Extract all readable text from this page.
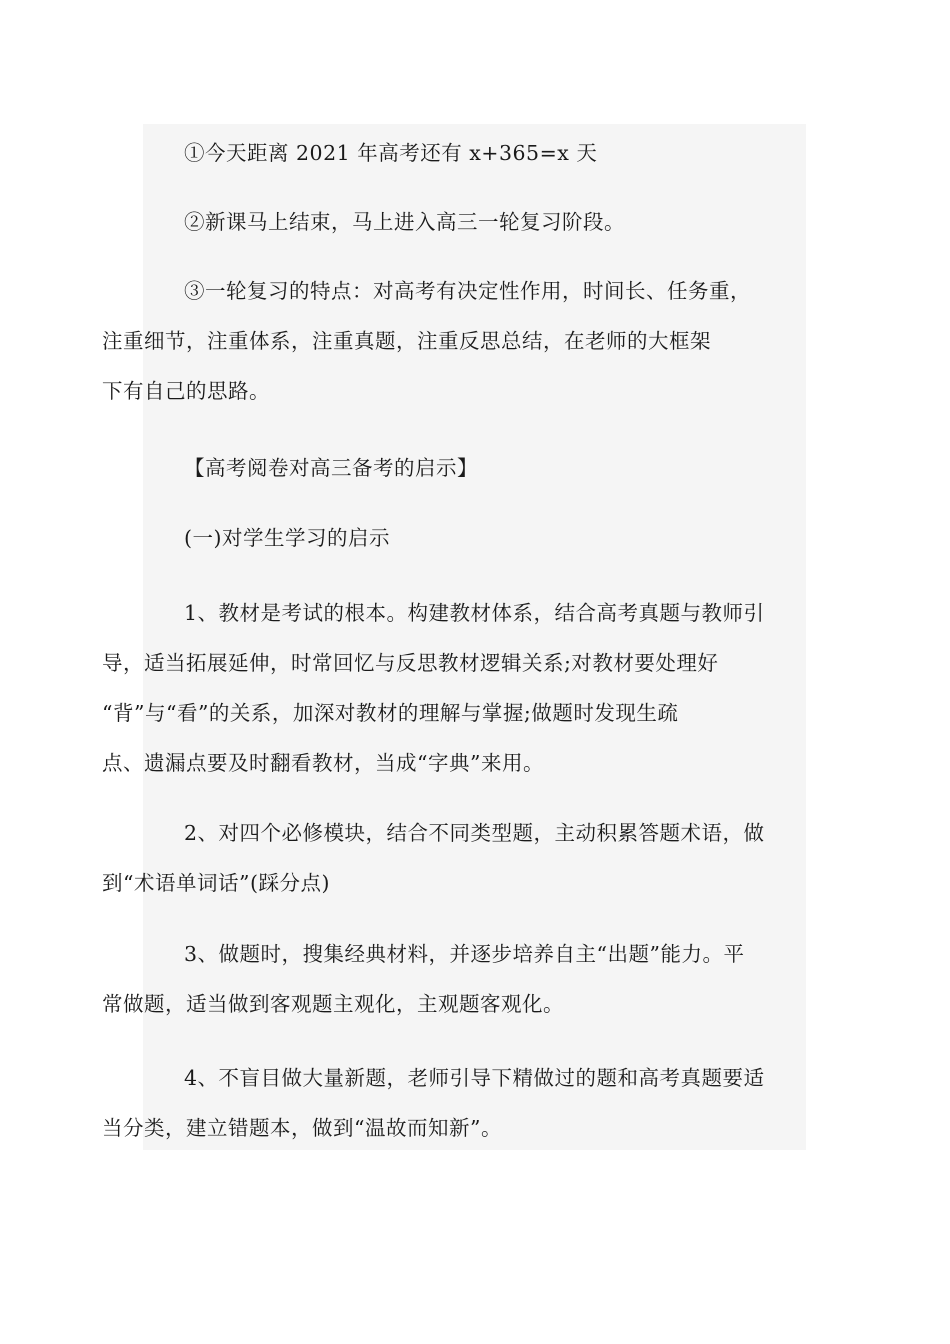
①今天距离 2021 年高考还有 x+365=x 天

②新课马上结束，马上进入高三一轮复习阶段。

③一轮复习的特点：对高考有决定性作用，时间长、任务重，
注重细节，注重体系，注重真题，注重反思总结，在老师的大框架
下有自己的思路。

【高考阅卷对高三备考的启示】

(一)对学生学习的启示

1、教材是考试的根本。构建教材体系，结合高考真题与教师引
导，适当拓展延伸，时常回忆与反思教材逻辑关系;对教材要处理好
“背”与“看”的关系，加深对教材的理解与掌握;做题时发现生疏
点、遗漏点要及时翻看教材，当成“字典”来用。

2、对四个必修模块，结合不同类型题，主动积累答题术语，做
到“术语单词话”(踩分点)

3、做题时，搜集经典材料，并逐步培养自主“出题”能力。平
常做题，适当做到客观题主观化，主观题客观化。

4、不盲目做大量新题，老师引导下精做过的题和高考真题要适
当分类，建立错题本，做到“温故而知新”。
